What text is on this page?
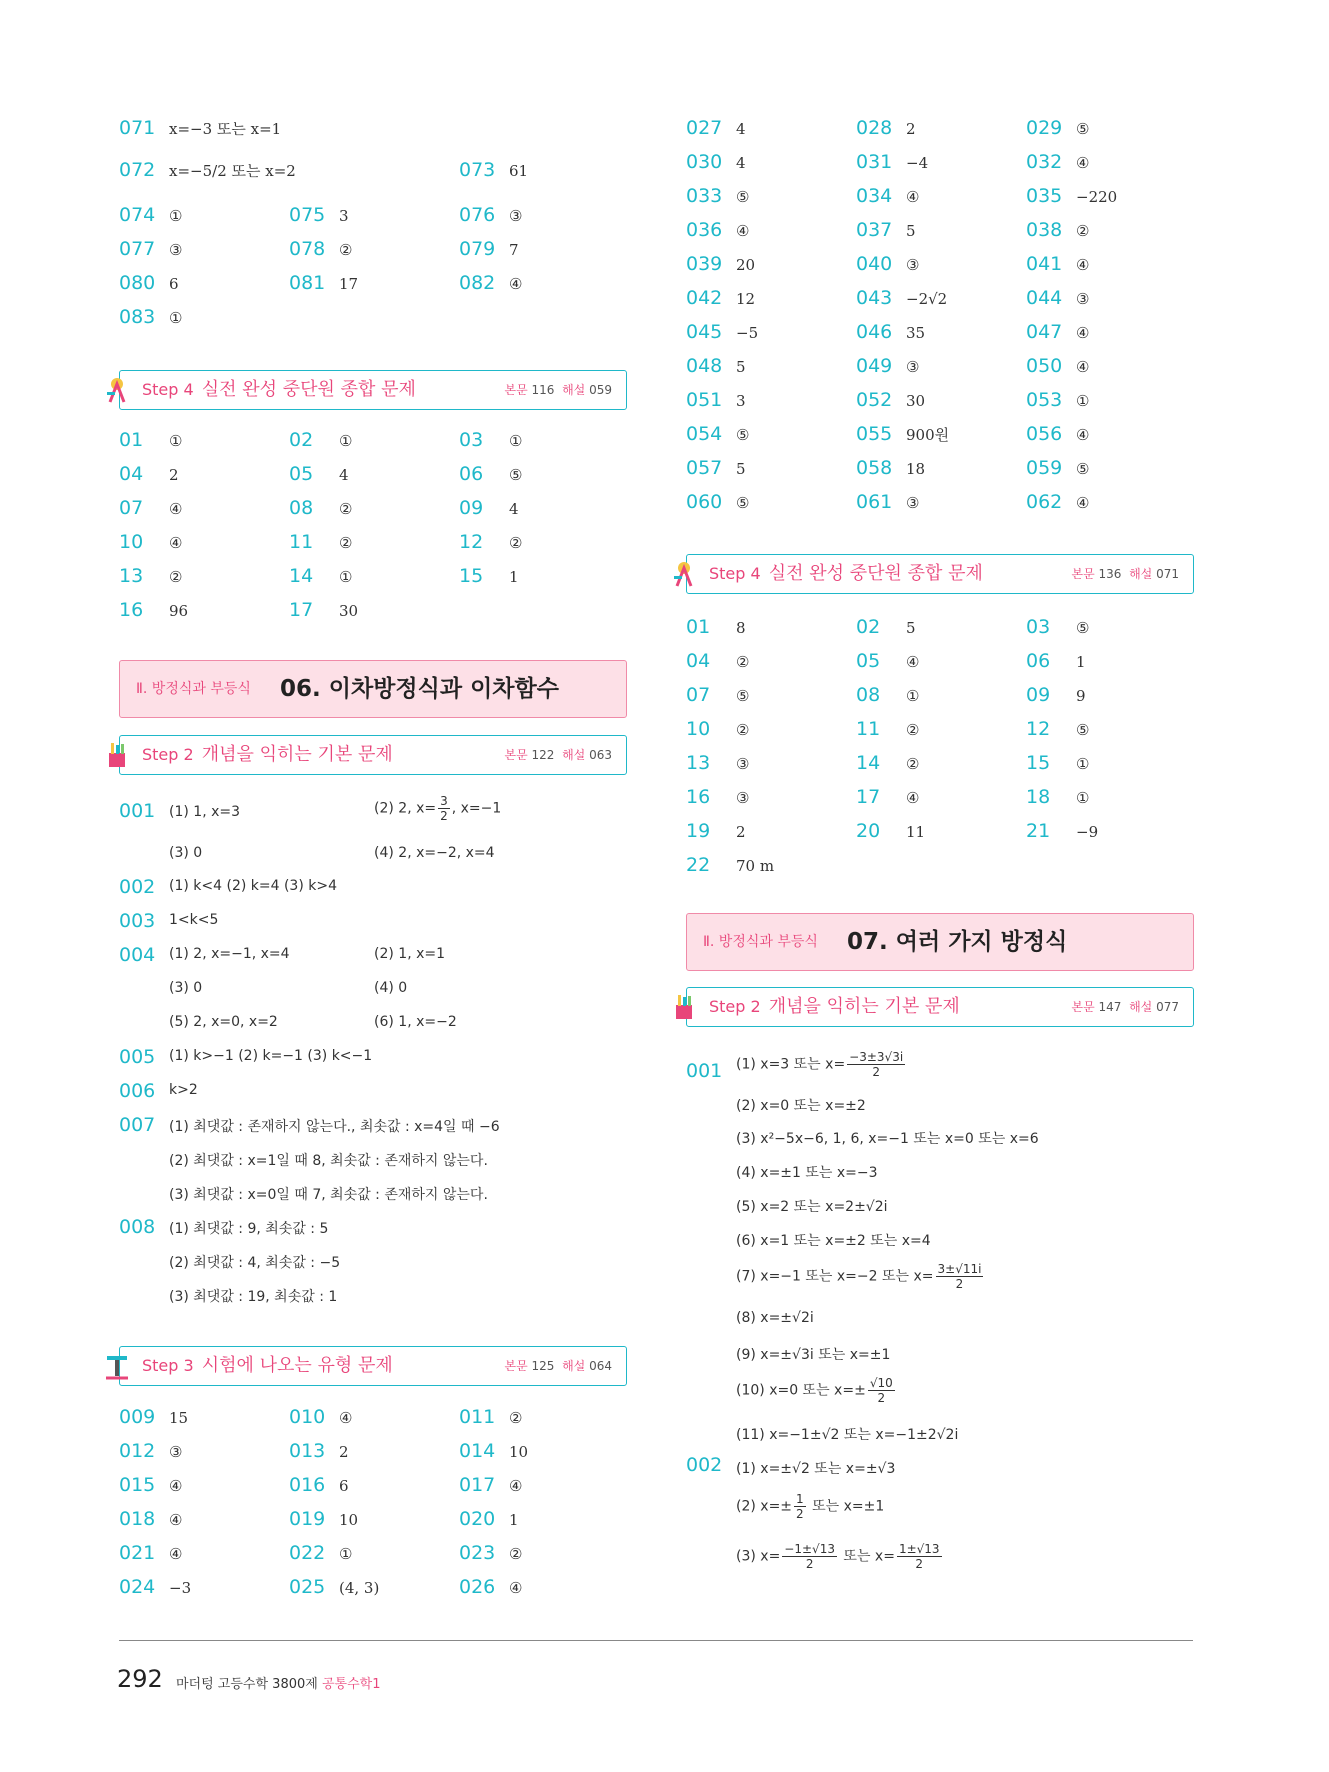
071 x=−3 또는 x=1
072 x=−5/2 또는 x=2	073 61
074 ①	075 3	076 ③
077 ③	078 ②	079 7
080 6	081 17	082 ④
083 ①
Step 4 실전 완성 중단원 종합 문제	본문 116 해설 059
01 ①	02 ①	03 ①
04 2	05 4	06 ⑤
07 ④	08 ②	09 4
10 ④	11 ②	12 ②
13 ②	14 ①	15 1
16 96	17 30
Ⅱ. 방정식과 부등식 06. 이차방정식과 이차함수
Step 2 개념을 익히는 기본 문제	본문 122 해설 063
001 (1) 1, x=3	(2) 2, $x= \frac{3}{2}$ , x=−1
(3) 0	(4) 2, x=−2, x=4
002 (1) k<4 (2) k=4 (3) k>4
003 1<k<5
004 (1) 2, x=−1, x=4	(2) 1, x=1
(3) 0	(4) 0
(5) 2, x=0, x=2	(6) 1, x=−2
005 (1) k>−1 (2) k=−1 (3) k<−1
006 k>2
007 (1) 최댓값 : 존재하지 않는다., 최솟값 : x=4일 때 −6
(2) 최댓값 : x=1일 때 8, 최솟값 : 존재하지 않는다.
(3) 최댓값 : x=0일 때 7, 최솟값 : 존재하지 않는다.
008 (1) 최댓값 : 9, 최솟값 : 5
(2) 최댓값 : 4, 최솟값 : −5
(3) 최댓값 : 19, 최솟값 : 1
Step 3 시험에 나오는 유형 문제	본문 125 해설 064
009 15	010 ④	011 ②
012 ③	013 2	014 10
015 ④	016 6	017 ④
018 ④	019 10	020 1
021 ④	022 ①	023 ②
024 −3	025 (4, 3)	026 ④
027 4	028 2	029 ⑤
030 4	031 −4	032 ④
033 ⑤	034 ④	035 −220
036 ④	037 5	038 ②
039 20	040 ③	041 ④
042 12	043 −2√2	044 ③
045 −5	046 35	047 ④
048 5	049 ③	050 ④
051 3	052 30	053 ①
054 ⑤	055 900원	056 ④
057 5	058 18	059 ⑤
060 ⑤	061 ③	062 ④
Step 4 실전 완성 중단원 종합 문제	본문 136 해설 071
01 8	02 5	03 ⑤
04 ②	05 ④	06 1
07 ⑤	08 ①	09 9
10 ②	11 ②	12 ⑤
13 ③	14 ②	15 ①
16 ③	17 ④	18 ①
19 2	20 11	21 −9
22 70 m
Ⅱ. 방정식과 부등식 07. 여러 가지 방정식
Step 2 개념을 익히는 기본 문제	본문 147 해설 077
001 (1) x=3 또는 $x= \frac{-3\pm 3√3i}{2}$
(2) x=0 또는 x=±2
(3) x²−5x−6, 1, 6, x=−1 또는 x=0 또는 x=6
(4) x=±1 또는 x=−3
(5) x=2 또는 x=2±√2i
(6) x=1 또는 x=±2 또는 x=4
(7) x=−1 또는 x=−2 또는 $x= \frac{3\pm√11i}{2}$
(8) x=±√2i
(9) x=±√3i 또는 x=±1
(10) x=0 또는 $x=\pm \frac{√10}{2}$
(11) x=−1±√2 또는 x=−1±2√2i
002 (1) x=±√2 또는 x=±√3
(2) $x=\pm \frac{1}{2}$ 또는 x=±1
(3) $x= \frac{-1\pm√13}{2}$ 또는 $x= \frac{1\pm√13}{2}$
292 마더텅 고등수학 3800제 공통수학1
